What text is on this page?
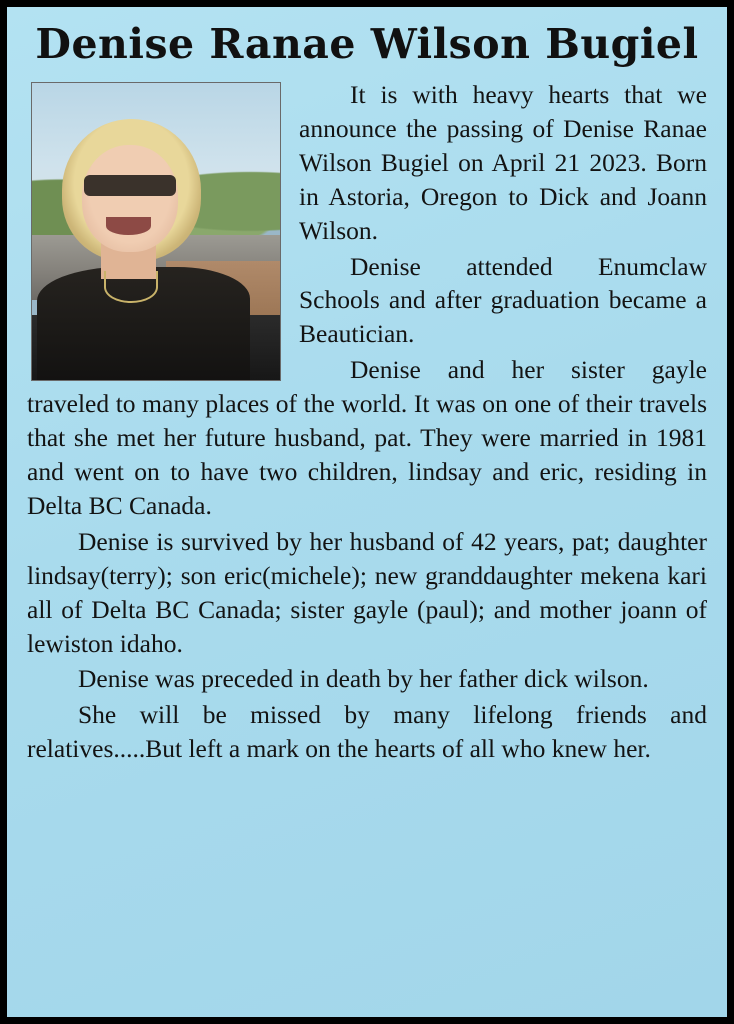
Denise Ranae Wilson Bugiel

It is with heavy hearts that we announce the passing of Denise Ranae Wilson Bugiel on April 21 2023. Born in Astoria, Oregon to Dick and Joann Wilson.

Denise attended Enumclaw Schools and after graduation became a Beautician.

Denise and her sister gayle traveled to many places of the world. It was on one of their travels that she met her future husband, pat. They were married in 1981 and went on to have two children, lindsay and eric, residing in Delta BC Canada.

Denise is survived by her husband of 42 years, pat; daughter lindsay(terry); son eric(michele); new granddaughter mekena kari all of Delta BC Canada; sister gayle (paul); and mother joann of lewiston idaho.

Denise was preceded in death by her father dick wilson.

She will be missed by many lifelong friends and relatives.....But left a mark on the hearts of all who knew her.
